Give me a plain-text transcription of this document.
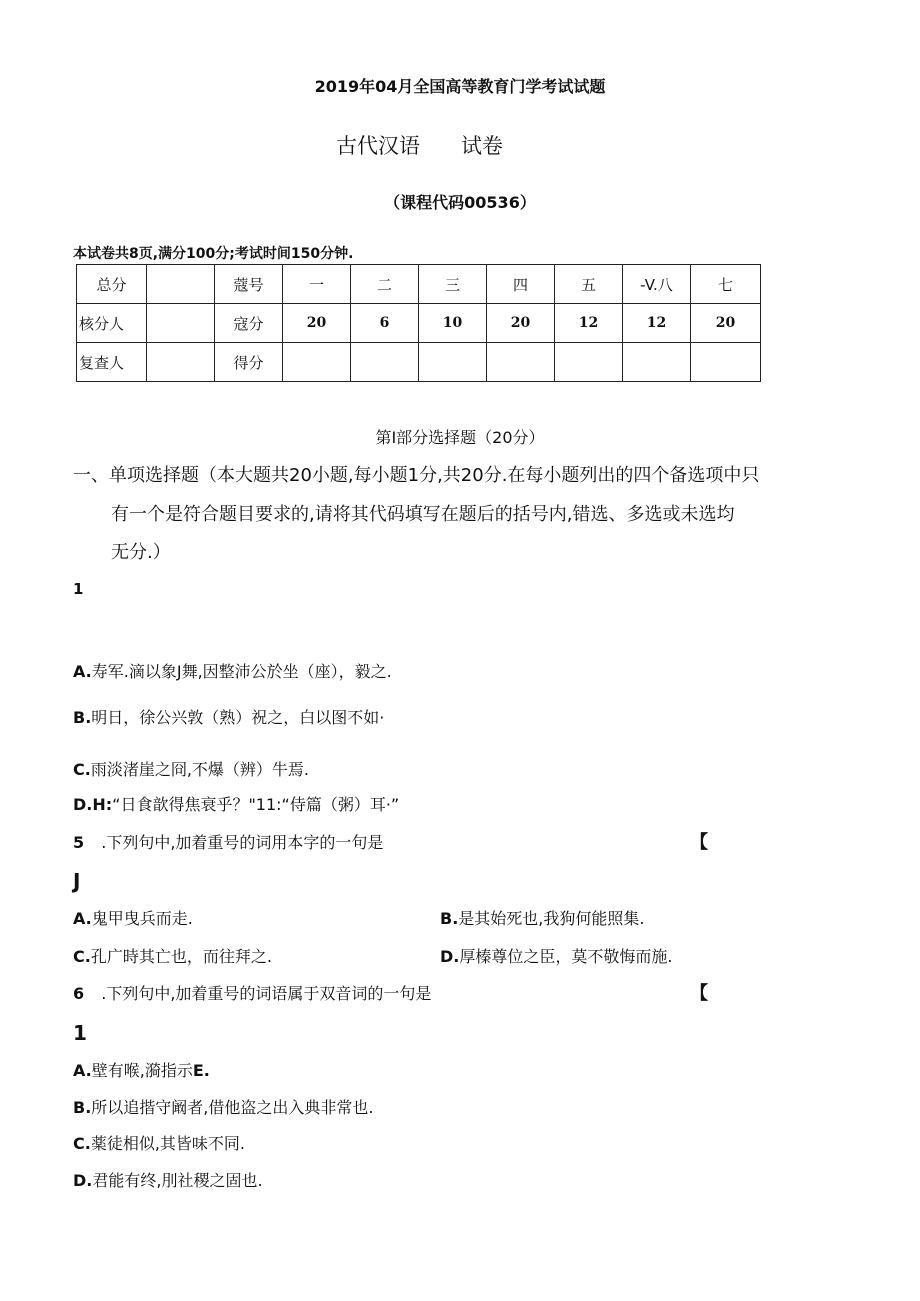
2019年04月全国高等教育门学考试试题
古代汉语 试卷
（课程代码00536）
本试卷共8页,满分100分;考试时间150分钟.
总分		蔻号	一	二	三	四	五	-V.八	七
核分人		寇分	20	6	10	20	12	12	20
复查人		得分							
第Ⅰ部分选择题（20分）
一、单项选择题（本大题共20小题,每小题1分,共20分.在每小题列出的四个备选项中只
有一个是符合题目要求的,请将其代码填写在题后的括号内,错选、多选或未选均
无分.）
1
A.寿军.滴以象J舞,因整沛公於坐（座），毅之.
B.明日，徐公兴敦（熟）祝之，白以图不如·
C.雨淡渚崖之冏,不爆（辨）牛焉.
D.H:“日食歆得焦衰乎？"11:“侍篇（粥）耳·”
5 .下列句中,加着重号的词用本字的一句是	【
J
A.鬼甲曳兵而走.	B.是其始死也,我狗何能照集.
C.孔广時其亡也，而往拜之.	D.厚榛尊位之臣，莫不敬悔而施.
6 .下列句中,加着重号的词语属于双音词的一句是	【
1
A.壁有喉,漪指示E.
B.所以追揩守阚者,借他盗之出入典非常也.
C.薬徒相似,其皆味不同.
D.君能有终,刖社稷之固也.
